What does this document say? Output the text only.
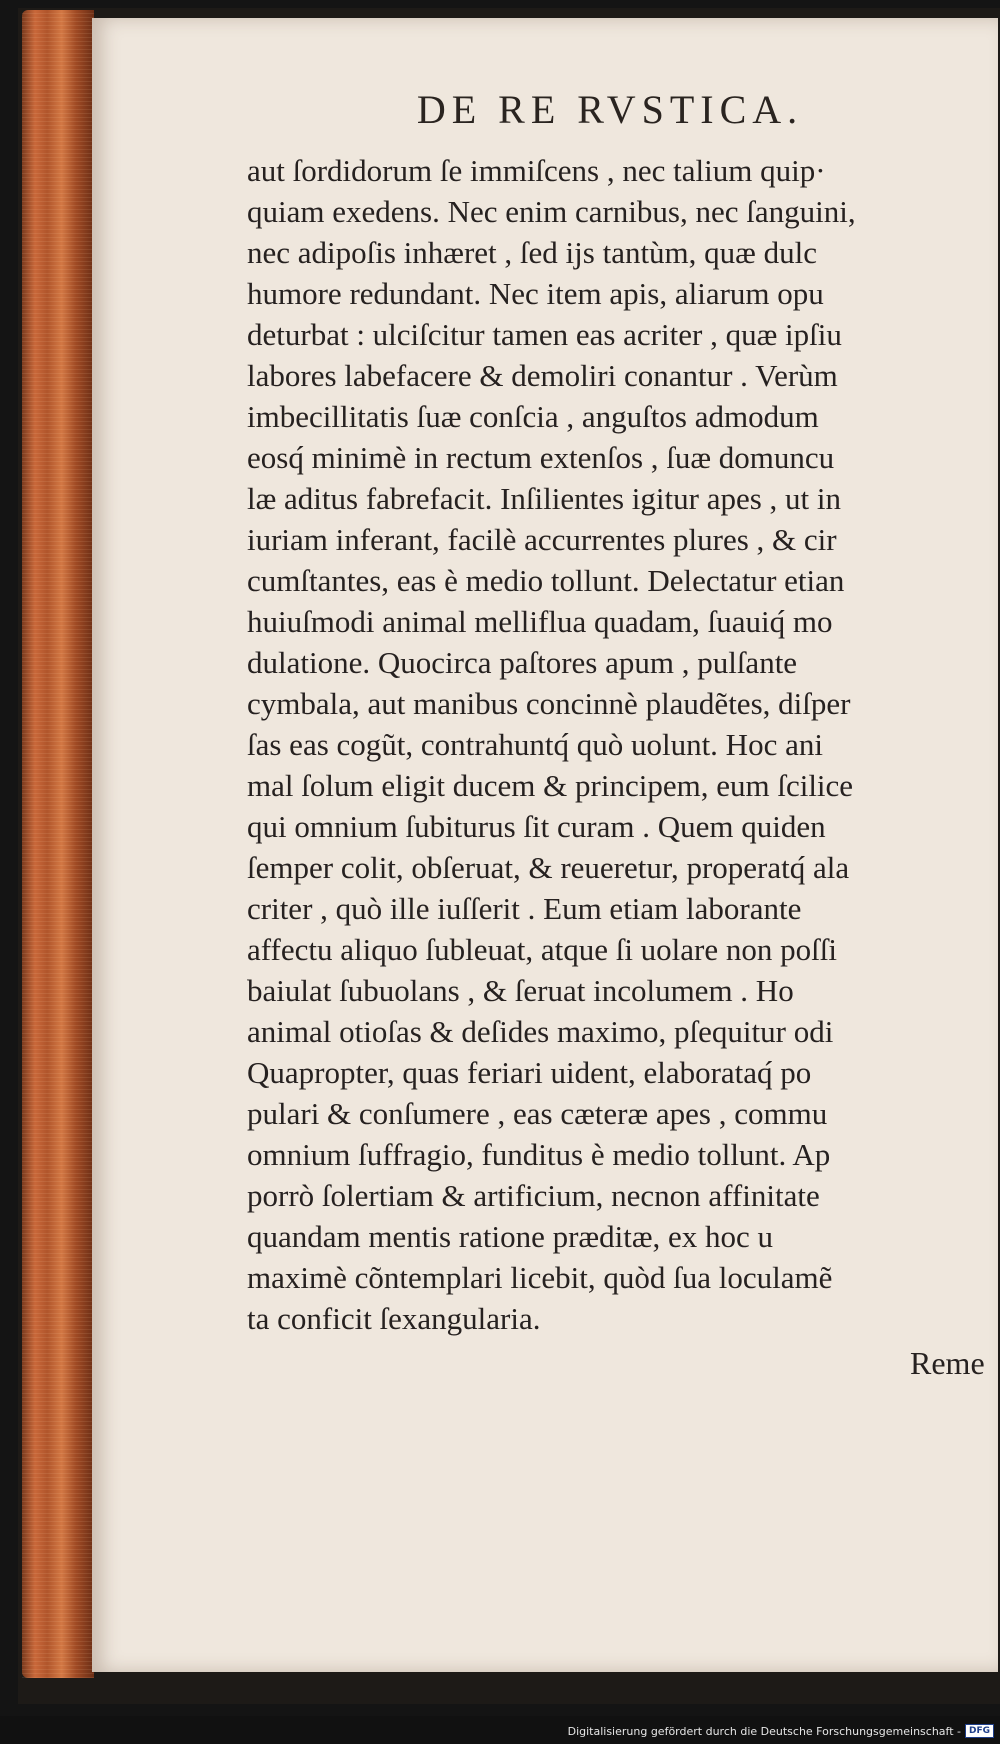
DE RE RVSTICA.
aut ſordidorum ſe immiſcens , nec talium quip·
quiam exedens. Nec enim carnibus, nec ſanguini,
nec adipoſis inhæret , ſed ijs tantùm, quæ dulc
humore redundant. Nec item apis, aliarum opu
deturbat : ulciſcitur tamen eas acriter , quæ ipſiu
labores labefacere & demoliri conantur . Verùm
imbecillitatis ſuæ conſcia , anguſtos admodum
eosq́ minimè in rectum extenſos , ſuæ domuncu
læ aditus fabrefacit. Inſilientes igitur apes , ut in
iuriam inferant, facilè accurrentes plures , & cir
cumſtantes, eas è medio tollunt. Delectatur etian
huiuſmodi animal melliflua quadam, ſuauiq́ mo
dulatione. Quocirca paſtores apum , pulſante
cymbala, aut manibus concinnè plaudẽtes, diſper
ſas eas cogũt, contrahuntq́ quò uolunt. Hoc ani
mal ſolum eligit ducem & principem, eum ſcilice
qui omnium ſubiturus ſit curam . Quem quiden
ſemper colit, obſeruat, & reueretur, properatq́ ala
criter , quò ille iuſſerit . Eum etiam laborante
affectu aliquo ſubleuat, atque ſi uolare non poſſi
baiulat ſubuolans , & ſeruat incolumem . Ho
animal otioſas & deſides maximo, pſequitur odi
Quapropter, quas feriari uident, elaborataq́ po
pulari & conſumere , eas cæteræ apes , commu
omnium ſuffragio, funditus è medio tollunt. Ap
porrò ſolertiam & artificium, necnon affinitate
quandam mentis ratione præditæ, ex hoc u
maximè cõntemplari licebit, quòd ſua loculamẽ
ta conficit ſexangularia.
Reme
Digitalisierung gefördert durch die Deutsche Forschungsgemeinschaft - DFG
